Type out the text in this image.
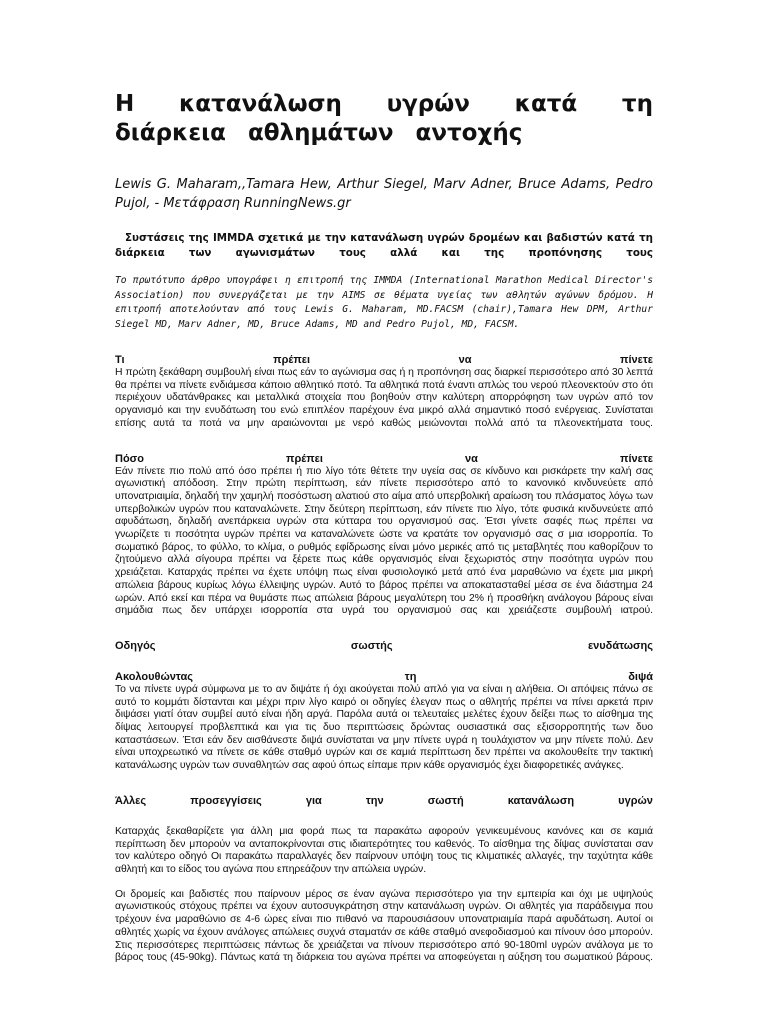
Η κατανάλωση υγρών κατά τη διάρκεια αθλημάτων αντοχής

Lewis G. Maharam,,Tamara Hew, Arthur Siegel, Marv Adner, Bruce Adams, Pedro Pujol, - Μετάφραση RunningNews.gr

Συστάσεις της IMMDA σχετικά με την κατανάλωση υγρών δρομέων και βαδιστών κατά τη διάρκεια των αγωνισμάτων τους αλλά και της προπόνησης τους

Το πρωτότυπο άρθρο υπογράφει η επιτροπή της IMMDA (International Marathon Medical Director's Association) που συνεργάζεται με την AIMS σε θέματα υγείας των αθλητών αγώνων δρόμου. Η επιτροπή αποτελούνταν από τους Lewis G. Maharam, MD.FACSM (chair),Tamara Hew DPM, Arthur Siegel MD, Marv Adner, MD, Bruce Adams, MD and Pedro Pujol, MD, FACSM.

Τι	πρέπει	να	πίνετε

Η πρώτη ξεκάθαρη συμβουλή είναι πως εάν το αγώνισμα σας ή η προπόνηση σας διαρκεί περισσότερο από 30 λεπτά θα πρέπει να πίνετε ενδιάμεσα κάποιο αθλητικό ποτό. Τα αθλητικά ποτά έναντι απλώς του νερού πλεονεκτούν στο ότι περιέχουν υδατάνθρακες και μεταλλικά στοιχεία που βοηθούν στην καλύτερη απορρόφηση των υγρών από τον οργανισμό και την ενυδάτωση του ενώ επιπλέον παρέχουν ένα μικρό αλλά σημαντικό ποσό ενέργειας. Συνίσταται επίσης αυτά τα ποτά να μην αραιώνονται με νερό καθώς μειώνονται πολλά από τα πλεονεκτήματα τους.

Πόσο	πρέπει	να	πίνετε

Εάν πίνετε πιο πολύ από όσο πρέπει ή πιο λίγο τότε θέτετε την υγεία σας σε κίνδυνο και ρισκάρετε την καλή σας αγωνιστική απόδοση. Στην πρώτη περίπτωση, εάν πίνετε περισσότερο από το κανονικό κινδυνεύετε από υπονατριαιμία, δηλαδή την χαμηλή ποσόστωση αλατιού στο αίμα από υπερβολική αραίωση του πλάσματος λόγω των υπερβολικών υγρών που καταναλώνετε. Στην δεύτερη περίπτωση, εάν πίνετε πιο λίγο, τότε φυσικά κινδυνεύετε από αφυδάτωση, δηλαδή ανεπάρκεια υγρών στα κύτταρα του οργανισμού σας. Έτσι γίνετε σαφές πως πρέπει να γνωρίζετε τι ποσότητα υγρών πρέπει να καταναλώνετε ώστε να κρατάτε τον οργανισμό σας σ μια ισορροπία. Το σωματικό βάρος, το φύλλο, το κλίμα, ο ρυθμός εφίδρωσης είναι μόνο μερικές από τις μεταβλητές που καθορίζουν το ζητούμενο αλλά σίγουρα πρέπει να ξέρετε πως κάθε οργανισμός είναι ξεχωριστός στην ποσότητα υγρών που χρειάζεται. Καταρχάς πρέπει να έχετε υπόψη πως είναι φυσιολογικό μετά από ένα μαραθώνιο να έχετε μια μικρή απώλεια βάρους κυρίως λόγω έλλειψης υγρών. Αυτό το βάρος πρέπει να αποκατασταθεί μέσα σε ένα διάστημα 24 ωρών. Από εκεί και πέρα να θυμάστε πως απώλεια βάρους μεγαλύτερη του 2% ή προσθήκη ανάλογου βάρους είναι σημάδια πως δεν υπάρχει ισορροπία στα υγρά του οργανισμού σας και χρειάζεστε συμβουλή ιατρού.

Οδηγός	σωστής	ενυδάτωσης
Ακολουθώντας	τη	διψά

Το να πίνετε υγρά σύμφωνα με το αν διψάτε ή όχι ακούγεται πολύ απλό για να είναι η αλήθεια. Οι απόψεις πάνω σε αυτό το κομμάτι δίστανται και μέχρι πριν λίγο καιρό οι οδηγίες έλεγαν πως ο αθλητής πρέπει να πίνει αρκετά πριν διψάσει γιατί όταν συμβεί αυτό είναι ήδη αργά. Παρόλα αυτά οι τελευταίες μελέτες έχουν δείξει πως το αίσθημα της δίψας λειτουργεί προβλεπτικά και για τις δυο περιπτώσεις δρώντας ουσιαστικά σας εξισορροπητής των δυο καταστάσεων. Έτσι εάν δεν αισθάνεστε διψά συνίσταται να μην πίνετε υγρά η τουλάχιστον να μην πίνετε πολύ. Δεν είναι υποχρεωτικό να πίνετε σε κάθε σταθμό υγρών και σε καμιά περίπτωση δεν πρέπει να ακολουθείτε την τακτική κατανάλωσης υγρών των συναθλητών σας αφού όπως είπαμε πριν κάθε οργανισμός έχει διαφορετικές ανάγκες.

Άλλες	προσεγγίσεις	για	την	σωστή	κατανάλωση	υγρών

Καταρχάς ξεκαθαρίζετε για άλλη μια φορά πως τα παρακάτω αφορούν γενικευμένους κανόνες και σε καμιά περίπτωση δεν μπορούν να ανταποκρίνονται στις ιδιαιτερότητες του καθενός. Το αίσθημα της δίψας συνίσταται σαν τον καλύτερο οδηγό Οι παρακάτω παραλλαγές δεν παίρνουν υπόψη τους τις κλιματικές αλλαγές, την ταχύτητα κάθε αθλητή και το είδος του αγώνα που επηρεάζουν την απώλεια υγρών.

Οι δρομείς και βαδιστές που παίρνουν μέρος σε έναν αγώνα περισσότερο για την εμπειρία και όχι με υψηλούς αγωνιστικούς στόχους πρέπει να έχουν αυτοσυγκράτηση στην κατανάλωση υγρών. Οι αθλητές για παράδειγμα που τρέχουν ένα μαραθώνιο σε 4-6 ώρες είναι πιο πιθανό να παρουσιάσουν υπονατριαιμία παρά αφυδάτωση. Αυτοί οι αθλητές χωρίς να έχουν ανάλογες απώλειες συχνά σταματάν σε κάθε σταθμό ανεφοδιασμού και πίνουν όσο μπορούν. Στις περισσότερες περιπτώσεις πάντως δε χρειάζεται να πίνουν περισσότερο από 90-180ml υγρών ανάλογα με το βάρος τους (45-90kg). Πάντως κατά τη διάρκεια του αγώνα πρέπει να αποφεύγεται η αύξηση του σωματικού βάρους.
